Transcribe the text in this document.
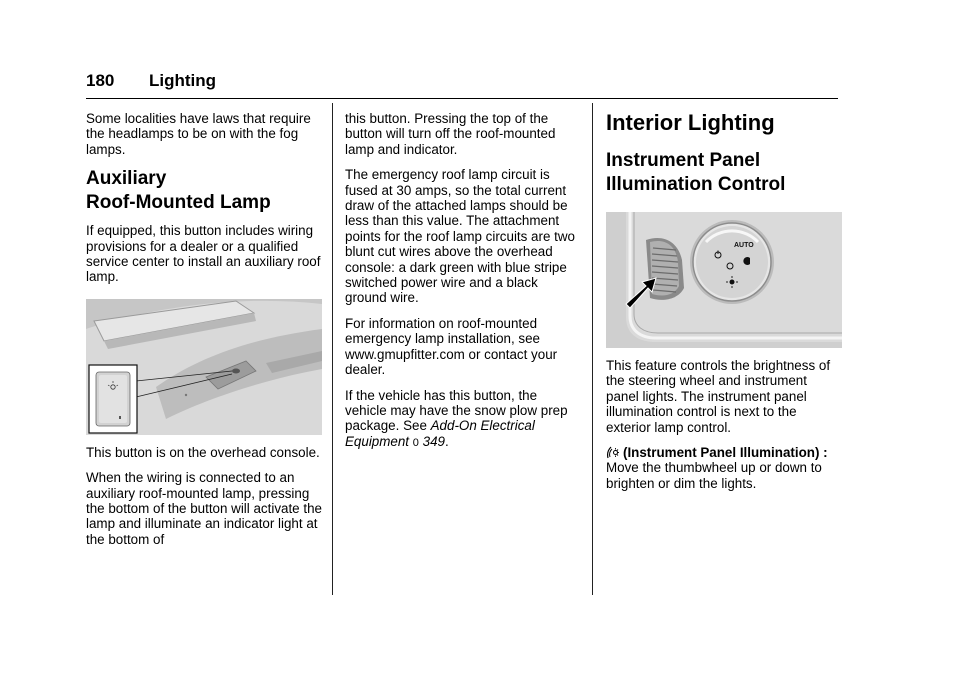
180 Lighting

Some localities have laws that require the headlamps to be on with the fog lamps.

Auxiliary
Roof-Mounted Lamp

If equipped, this button includes wiring provisions for a dealer or a qualified service center to install an auxiliary roof lamp.

This button is on the overhead console.

When the wiring is connected to an auxiliary roof-mounted lamp, pressing the bottom of the button will activate the lamp and illuminate an indicator light at the bottom of

this button. Pressing the top of the button will turn off the roof-mounted lamp and indicator.

The emergency roof lamp circuit is fused at 30 amps, so the total current draw of the attached lamps should be less than this value. The attachment points for the roof lamp circuits are two blunt cut wires above the overhead console: a dark green with blue stripe switched power wire and a black ground wire.

For information on roof-mounted emergency lamp installation, see www.gmupfitter.com or contact your dealer.

If the vehicle has this button, the vehicle may have the snow plow prep package. See Add-On Electrical Equipment 0 349.

Interior Lighting
Instrument Panel
Illumination Control
AUTO

This feature controls the brightness of the steering wheel and instrument panel lights. The instrument panel illumination control is next to the exterior lamp control.

(Instrument Panel Illumination) : Move the thumbwheel up or down to brighten or dim the lights.
